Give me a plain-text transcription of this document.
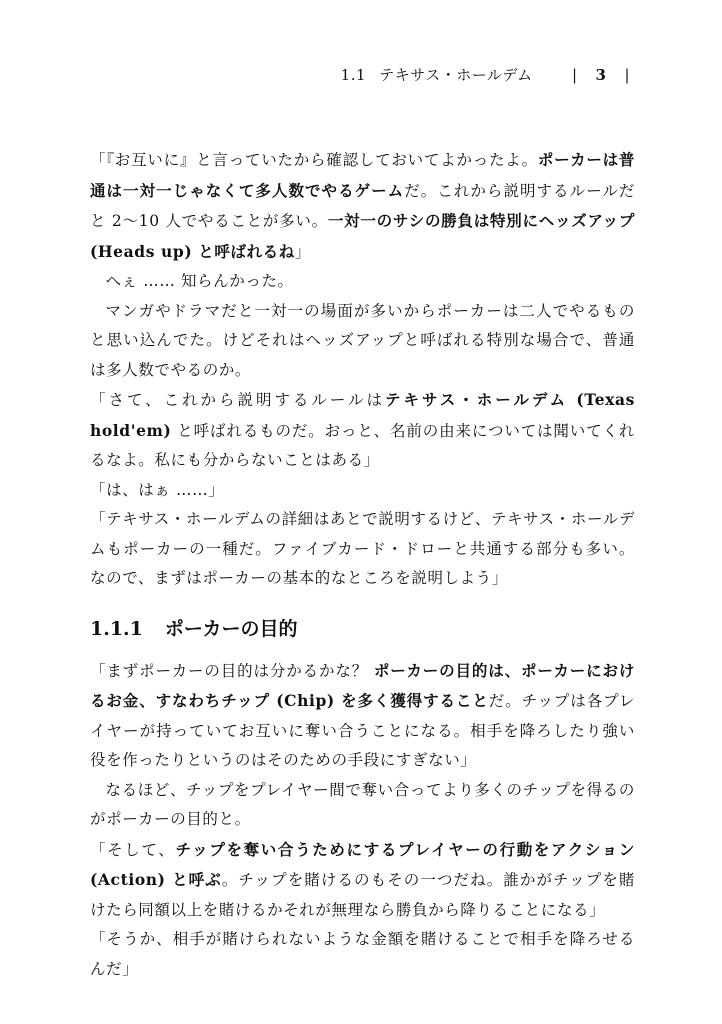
1.1 テキサス・ホールデム	| 3 |

「『お互いに』と言っていたから確認しておいてよかったよ。ポーカーは普通は一対一じゃなくて多人数でやるゲームだ。これから説明するルールだと 2〜10 人でやることが多い。一対一のサシの勝負は特別にヘッズアップ (Heads up) と呼ばれるね」

へぇ …… 知らんかった。

マンガやドラマだと一対一の場面が多いからポーカーは二人でやるものと思い込んでた。けどそれはヘッズアップと呼ばれる特別な場合で、普通は多人数でやるのか。

「さて、これから説明するルールはテキサス・ホールデム (Texas hold'em) と呼ばれるものだ。おっと、名前の由来については聞いてくれるなよ。私にも分からないことはある」

「は、はぁ ……」

「テキサス・ホールデムの詳細はあとで説明するけど、テキサス・ホールデムもポーカーの一種だ。ファイブカード・ドローと共通する部分も多い。なので、まずはポーカーの基本的なところを説明しよう」

1.1.1 ポーカーの目的

「まずポーカーの目的は分かるかな？ ポーカーの目的は、ポーカーにおけるお金、すなわちチップ (Chip) を多く獲得することだ。チップは各プレイヤーが持っていてお互いに奪い合うことになる。相手を降ろしたり強い役を作ったりというのはそのための手段にすぎない」

なるほど、チップをプレイヤー間で奪い合ってより多くのチップを得るのがポーカーの目的と。

「そして、チップを奪い合うためにするプレイヤーの行動をアクション (Action) と呼ぶ。チップを賭けるのもその一つだね。誰かがチップを賭けたら同額以上を賭けるかそれが無理なら勝負から降りることになる」

「そうか、相手が賭けられないような金額を賭けることで相手を降ろせるんだ」
